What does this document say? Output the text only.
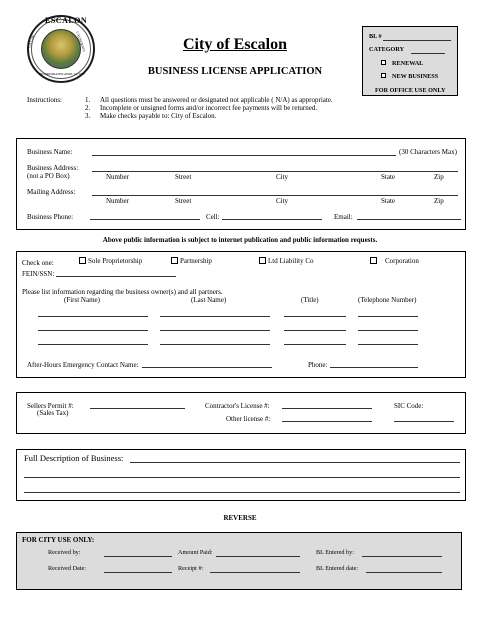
ESCALON
CITY OF	CALIFORNIA
INCORPORATED APRIL 12, 1957
City of Escalon
BUSINESS LICENSE APPLICATION
BL #
CATEGORY
RENEWAL
NEW BUSINESS
FOR OFFICE USE ONLY
Instructions:	1. All questions must be answered or designated not applicable ( N/A) as appropriate.
2. Incomplete or unsigned forms and/or incorrect fee payments will be returned.
3. Make checks payable to: City of Escalon.
Business Name:	(30 Characters Max)
Business Address:
(not a PO Box)	Number	Street	City	State	Zip
Mailing Address:
Number	Street	City	State	Zip
Business Phone:	Cell:	Email:
Above public information is subject to internet publication and public information requests.
Check one:	Sole Proprietorship	Partnership	Ltd Liability Co	Corporation
FEIN/SSN:
Please list information regarding the business owner(s) and all partners.
(First Name)	(Last Name)	(Title)	(Telephone Number)
After-Hours Emergency Contact Name:	Phone:
Sellers Permit #:
(Sales Tax)
Contractor's License #:
Other license #:
SIC Code:
Full Description of Business:
REVERSE
FOR CITY USE ONLY:
Received by:	Amount Paid:	BL Entered by:
Received Date:	Receipt #:	BL Entered date:
